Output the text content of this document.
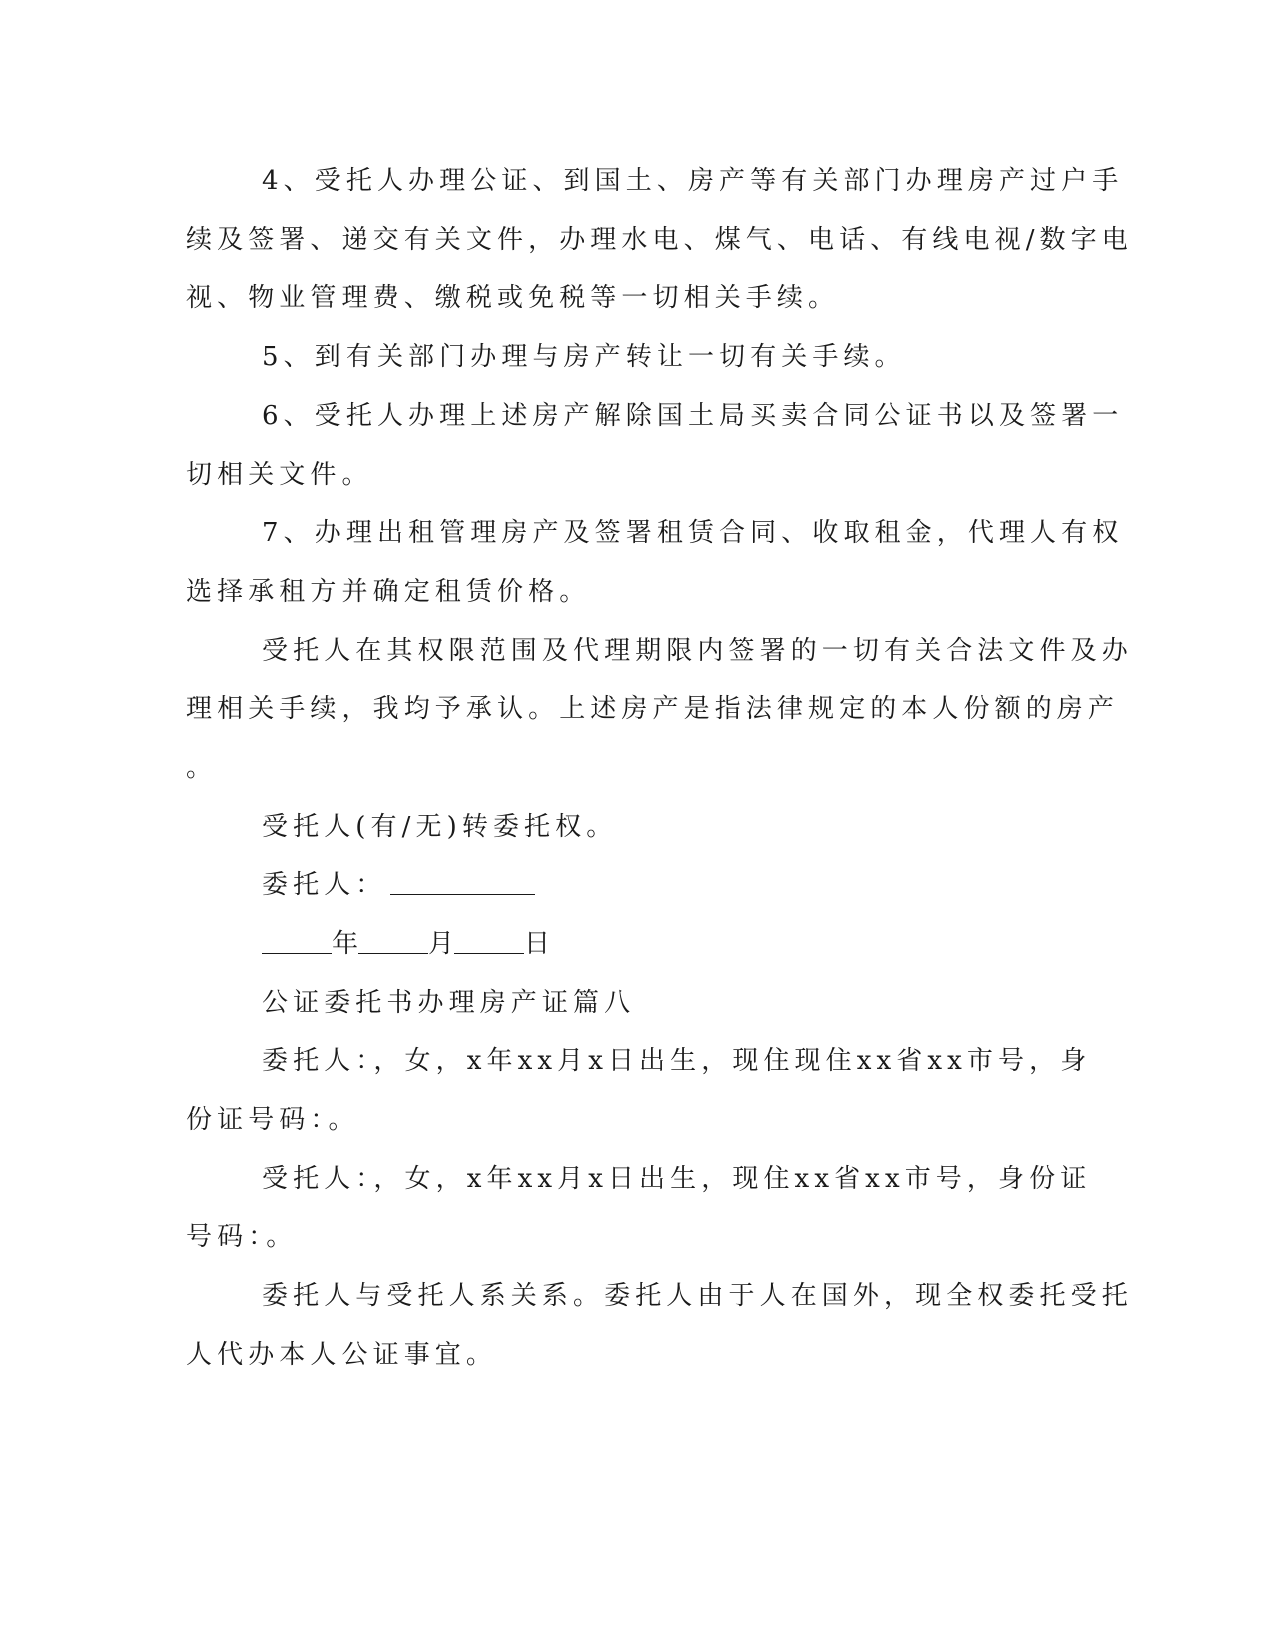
4、受托人办理公证、到国土、房产等有关部门办理房产过户手
续及签署、递交有关文件，办理水电、煤气、电话、有线电视/数字电
视、物业管理费、缴税或免税等一切相关手续。
5、到有关部门办理与房产转让一切有关手续。
6、受托人办理上述房产解除国土局买卖合同公证书以及签署一
切相关文件。
7、办理出租管理房产及签署租赁合同、收取租金，代理人有权
选择承租方并确定租赁价格。
受托人在其权限范围及代理期限内签署的一切有关合法文件及办
理相关手续，我均予承认。上述房产是指法律规定的本人份额的房产
。
受托人(有/无)转委托权。
委托人：
年	月	日
公证委托书办理房产证篇八
委托人：，女，x年xx月x日出生，现住现住xx省xx市号，身
份证号码：。
受托人：，女，x年xx月x日出生，现住xx省xx市号，身份证
号码：。
委托人与受托人系关系。委托人由于人在国外，现全权委托受托
人代办本人公证事宜。
